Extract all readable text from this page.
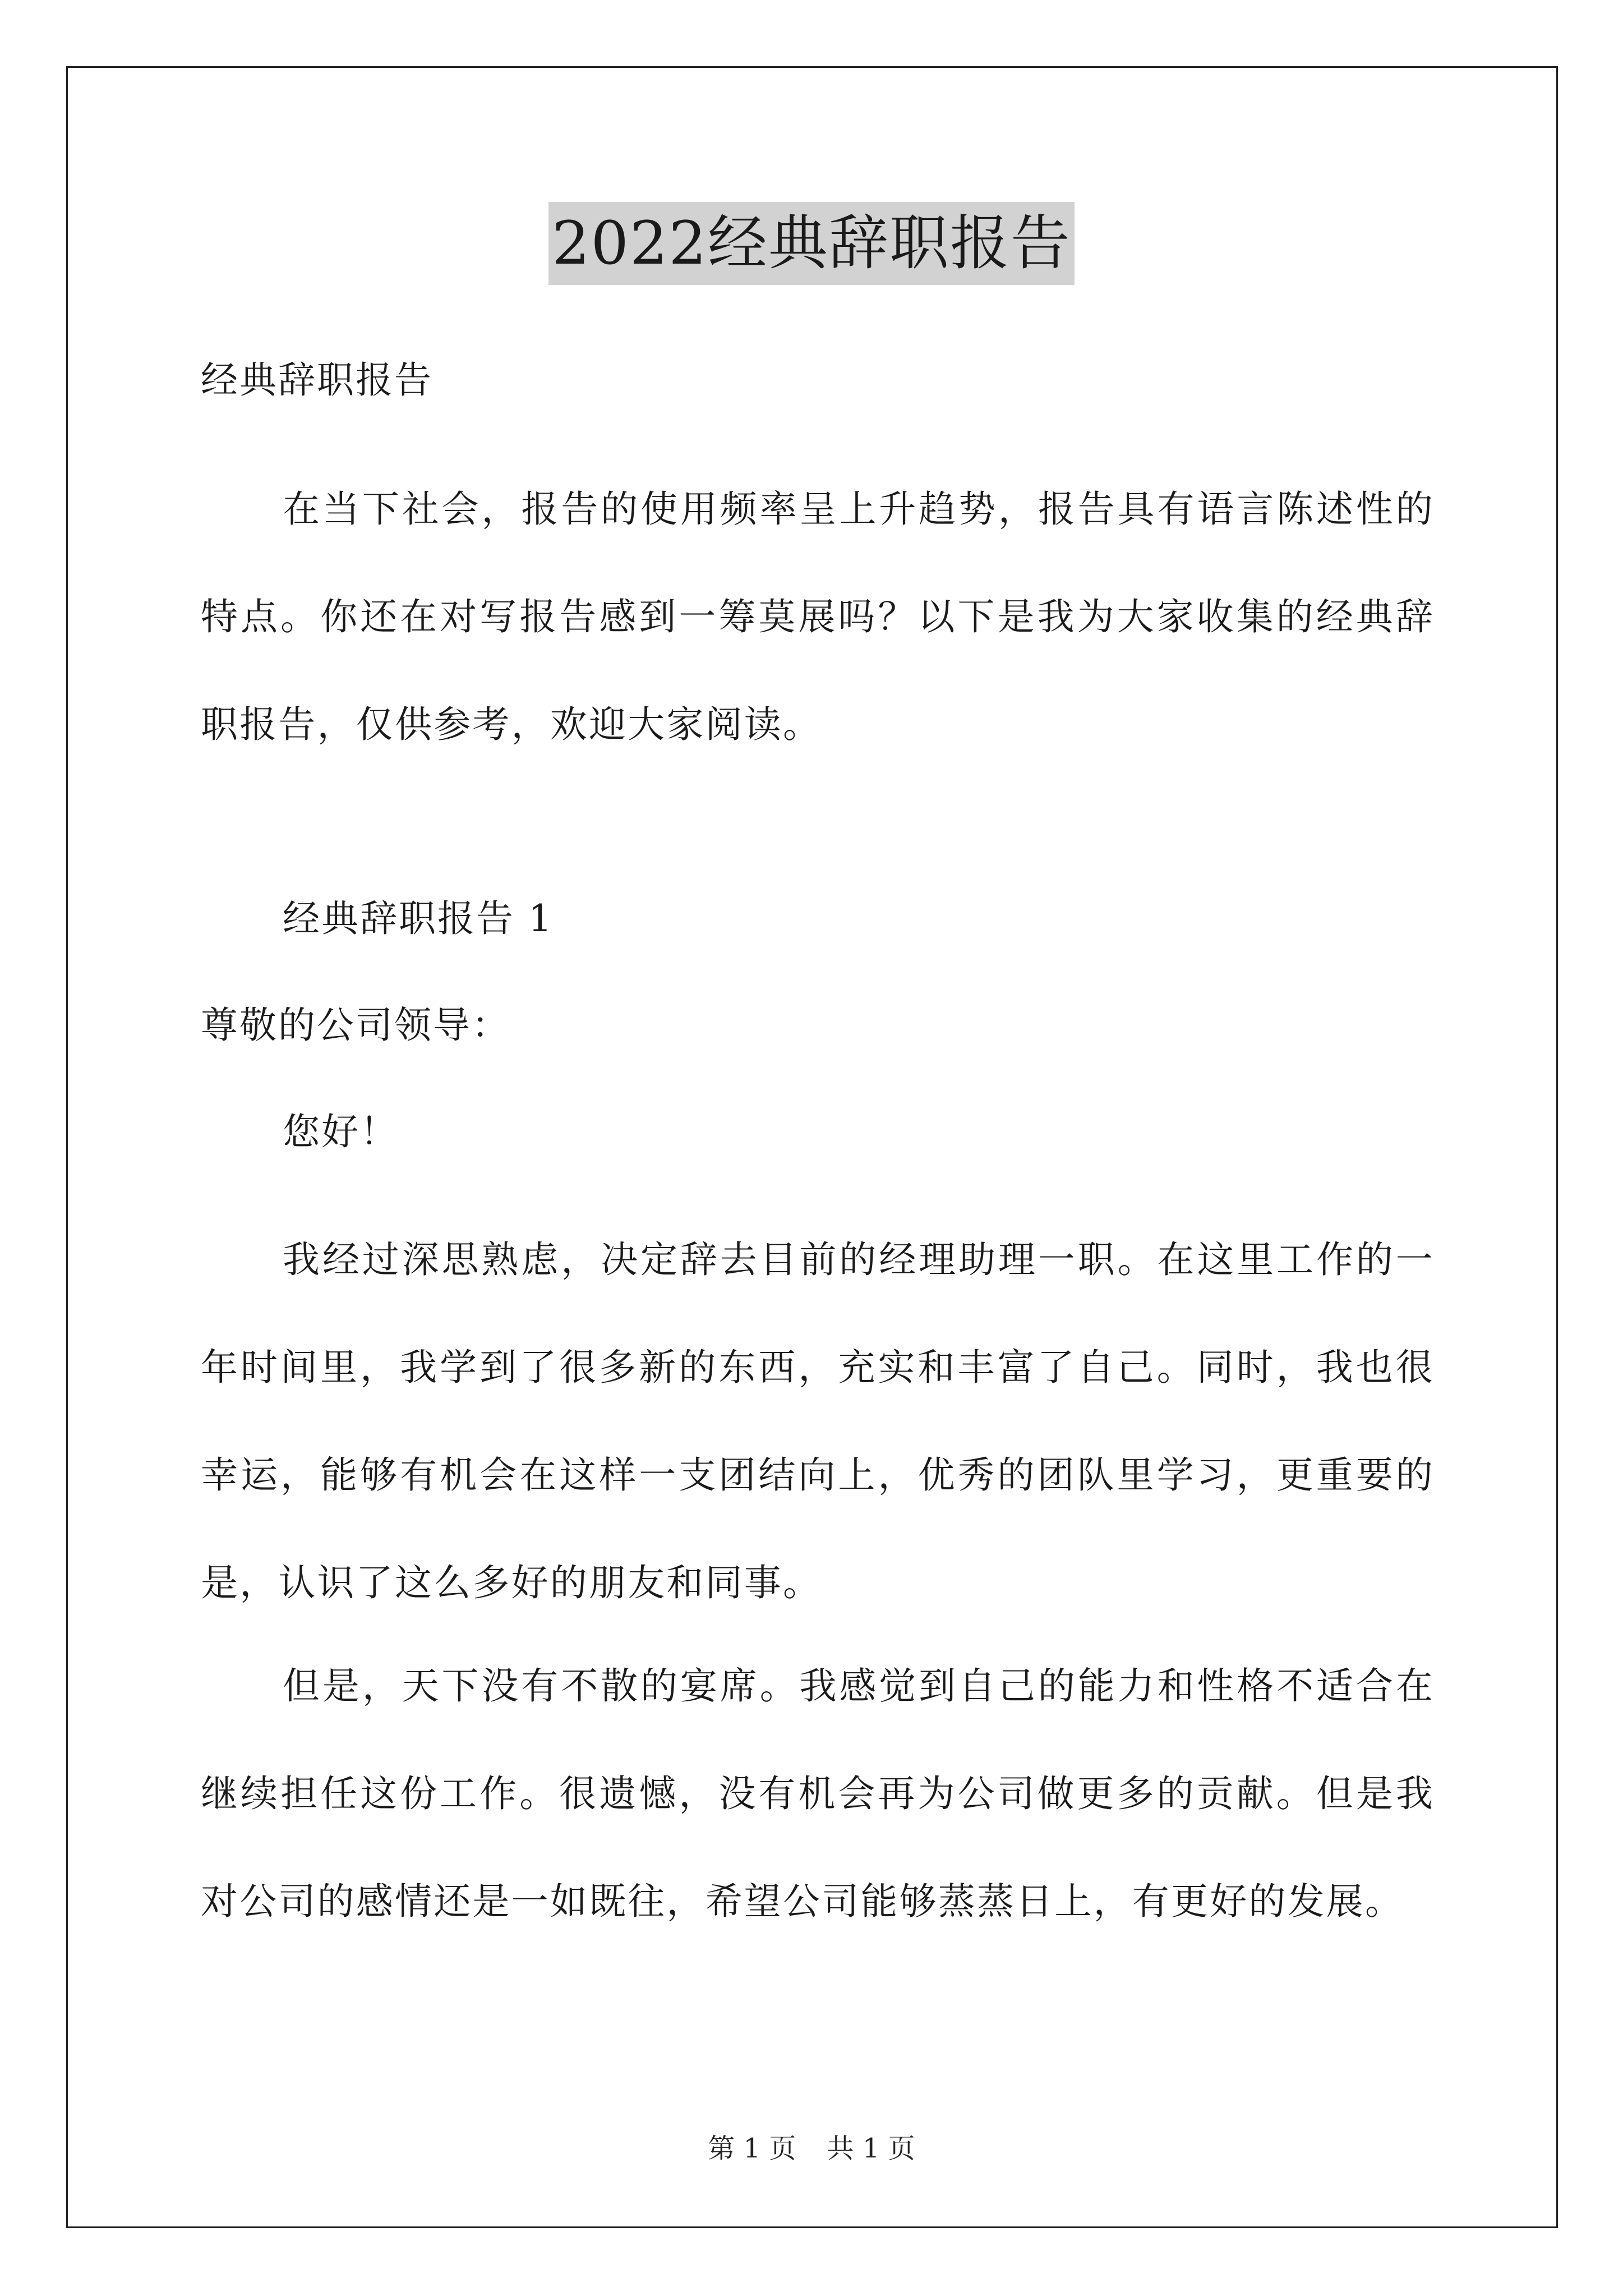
2022经典辞职报告
经典辞职报告
在当下社会，报告的使用频率呈上升趋势，报告具有语言陈述性的特点。你还在对写报告感到一筹莫展吗？以下是我为大家收集的经典辞职报告，仅供参考，欢迎大家阅读。
经典辞职报告 1
尊敬的公司领导：
您好！
我经过深思熟虑，决定辞去目前的经理助理一职。在这里工作的一年时间里，我学到了很多新的东西，充实和丰富了自己。同时，我也很幸运，能够有机会在这样一支团结向上，优秀的团队里学习，更重要的是，认识了这么多好的朋友和同事。
但是，天下没有不散的宴席。我感觉到自己的能力和性格不适合在继续担任这份工作。很遗憾，没有机会再为公司做更多的贡献。但是我对公司的感情还是一如既往，希望公司能够蒸蒸日上，有更好的发展。
第 1 页 共 1 页
